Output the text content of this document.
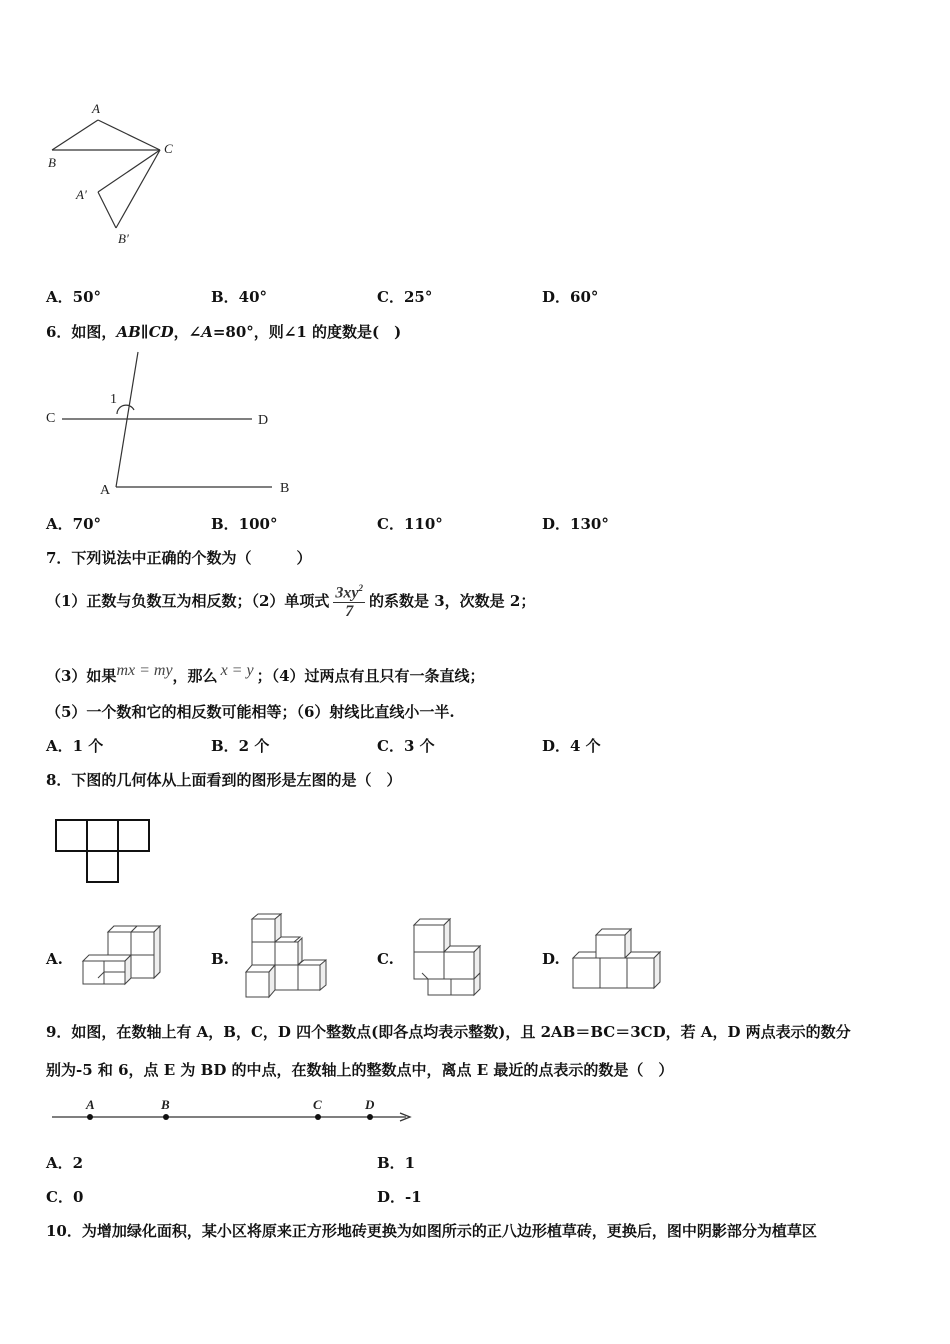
A
B
C
A′
B′
A．50°	B．40°	C．25°	D．60°
6．如图，AB∥CD，∠A=80°，则∠1 的度数是(　)
C	D
A	B
1
A．70°	B．100°	C．110°	D．130°
7．下列说法中正确的个数为（　　　）
（1）正数与负数互为相反数；（2）单项式 $\frac{3xy^2}{7}$ 的系数是 3，次数是 2；
（3）如果mx = my，那么 x = y ；（4）过两点有且只有一条直线；
（5）一个数和它的相反数可能相等；（6）射线比直线小一半.
A．1 个	B．2 个	C．3 个	D．4 个
8．下图的几何体从上面看到的图形是左图的是（　）
A.	B.	C.	D.
9．如图，在数轴上有 A，B，C，D 四个整数点(即各点均表示整数)，且 2AB＝BC＝3CD，若 A，D 两点表示的数分
别为-5 和 6，点 E 为 BD 的中点，在数轴上的整数点中，离点 E 最近的点表示的数是（　）
A	B	C	D
A．2	B．1
C．0	D．-1
10．为增加绿化面积，某小区将原来正方形地砖更换为如图所示的正八边形植草砖，更换后，图中阴影部分为植草区
